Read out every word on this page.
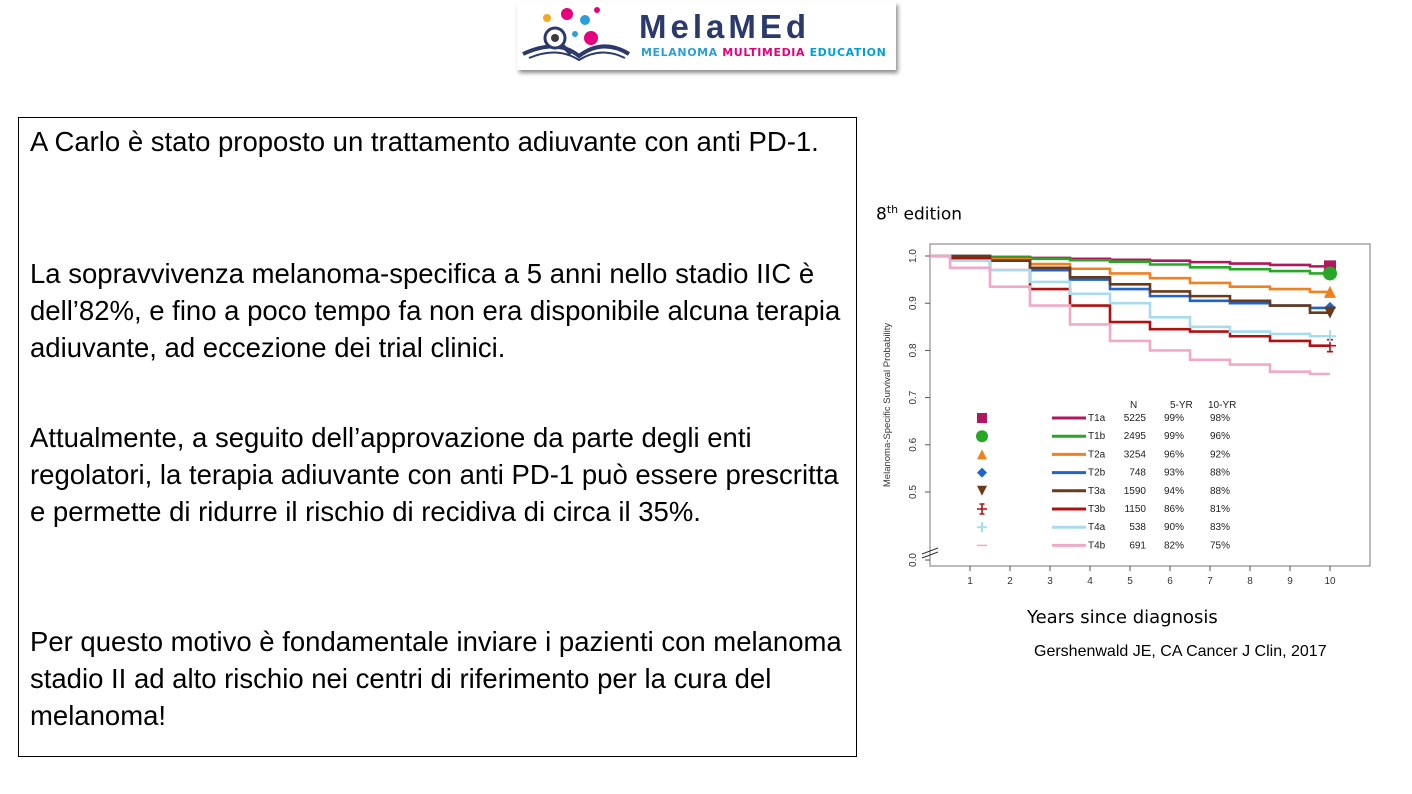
MelaMEd
MELANOMA MULTIMEDIA EDUCATION

A Carlo è stato proposto un trattamento adiuvante con anti PD-1.

La sopravvivenza melanoma-specifica a 5 anni nello stadio IIC è dell’82%, e fino a poco tempo fa non era disponibile alcuna terapia adiuvante, ad eccezione dei trial clinici.

Attualmente, a seguito dell’approvazione da parte degli enti regolatori, la terapia adiuvante con anti PD-1 può essere prescritta e permette di ridurre il rischio di recidiva di circa il 35%.

Per questo motivo è fondamentale inviare i pazienti con melanoma stadio II ad alto rischio nei centri di riferimento per la cura del melanoma!

8th edition
0.0
0.5
0.6
0.7
0.8
0.9
1.0
1	2	3	4	5	6	7	8	9	10
Melanoma-Specific Survival Probability	N	5-YR 10-YR
T1a 5225 99%	98%
T1b 2495 99%	96%
T2a 3254 96%	92%
T2b 748 93%	88%
T3a 1590 94%	88%
T3b 1150 86%	81%
T4a 538 90%	83%
T4b 691 82%	75%
Years since diagnosis
Gershenwald JE, CA Cancer J Clin, 2017
